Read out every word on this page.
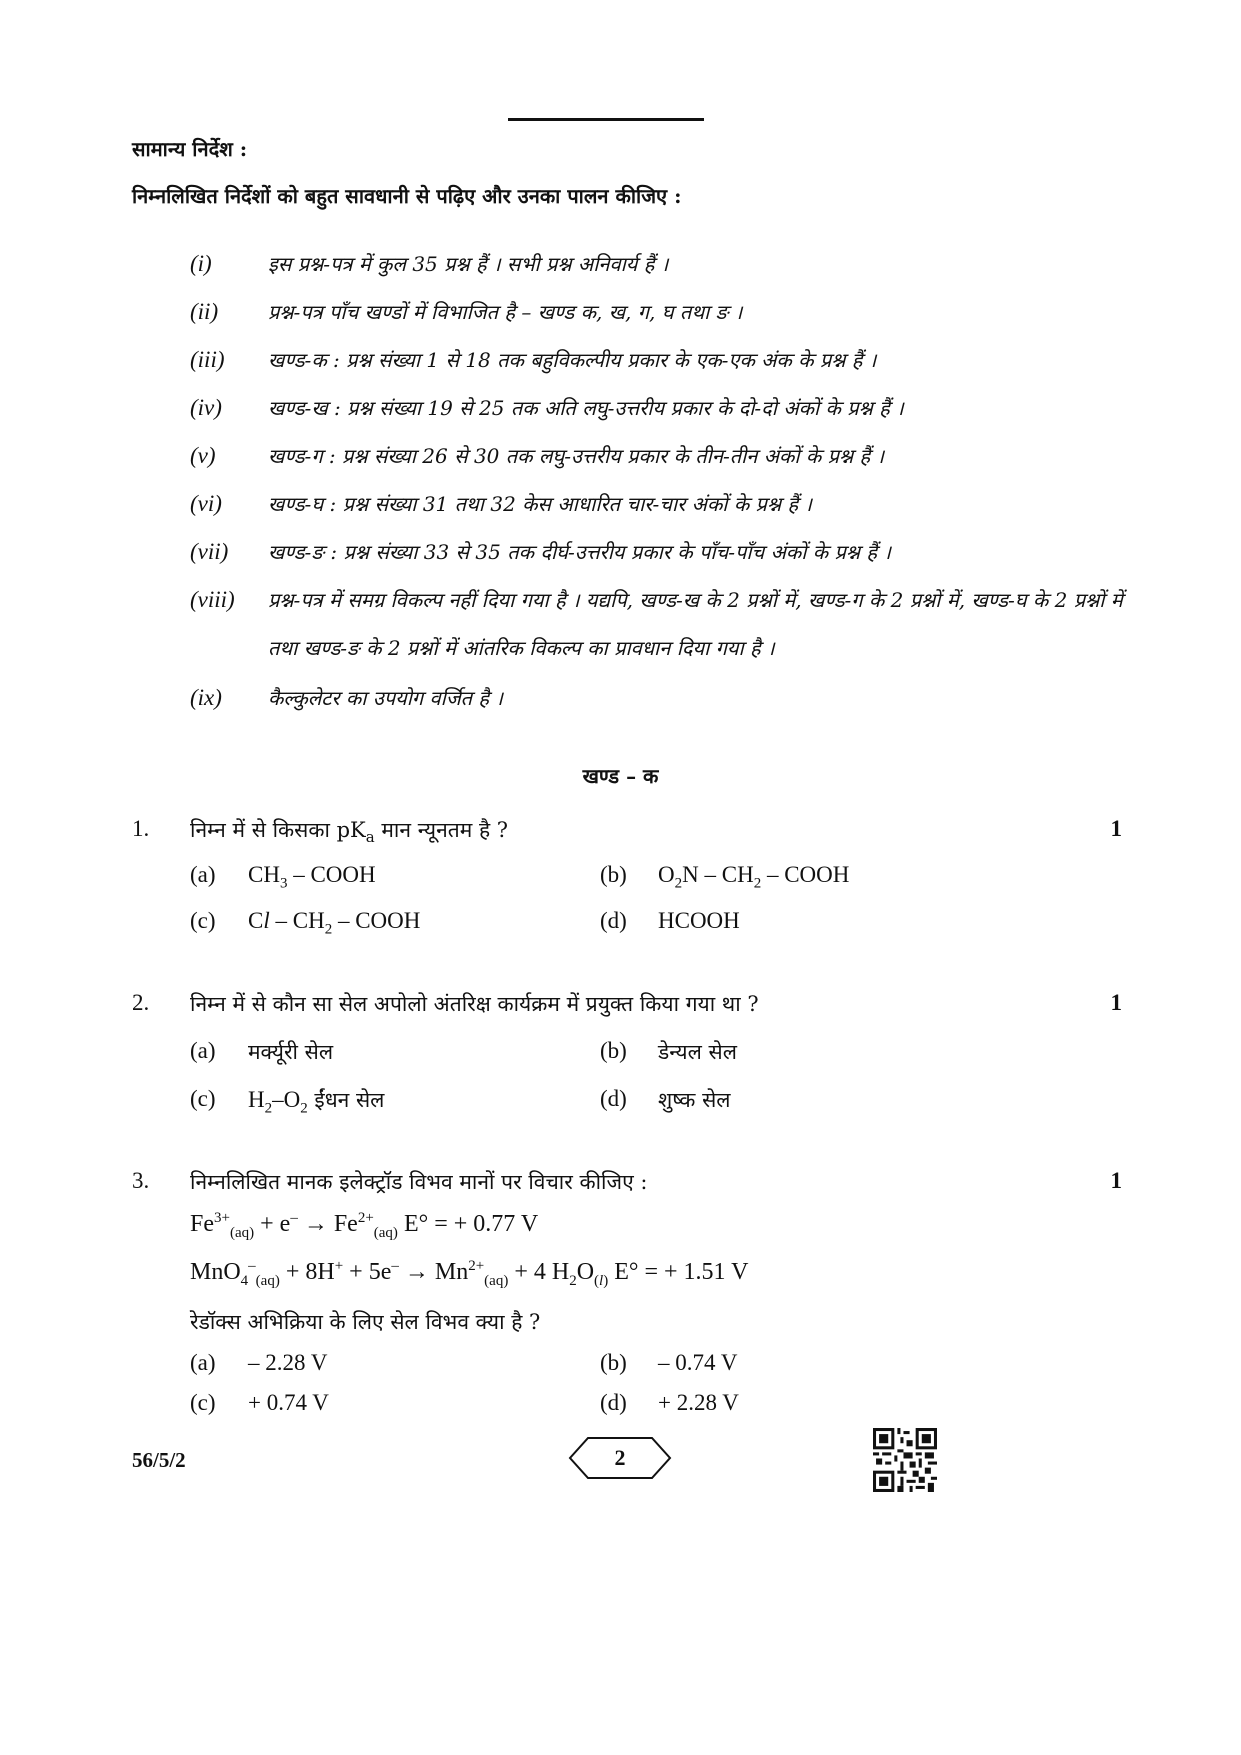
सामान्य निर्देश :
निम्नलिखित निर्देशों को बहुत सावधानी से पढ़िए और उनका पालन कीजिए :
(i)	इस प्रश्न-पत्र में कुल 35 प्रश्न हैं । सभी प्रश्न अनिवार्य हैं ।
(ii)	प्रश्न-पत्र पाँच खण्डों में विभाजित है – खण्ड क, ख, ग, घ तथा ङ ।
(iii)	खण्ड-क : प्रश्न संख्या 1 से 18 तक बहुविकल्पीय प्रकार के एक-एक अंक के प्रश्न हैं ।
(iv)	खण्ड-ख : प्रश्न संख्या 19 से 25 तक अति लघु-उत्तरीय प्रकार के दो-दो अंकों के प्रश्न हैं ।
(v)	खण्ड-ग : प्रश्न संख्या 26 से 30 तक लघु-उत्तरीय प्रकार के तीन-तीन अंकों के प्रश्न हैं ।
(vi)	खण्ड-घ : प्रश्न संख्या 31 तथा 32 केस आधारित चार-चार अंकों के प्रश्न हैं ।
(vii)	खण्ड-ङ : प्रश्न संख्या 33 से 35 तक दीर्घ-उत्तरीय प्रकार के पाँच-पाँच अंकों के प्रश्न हैं ।
(viii)	प्रश्न-पत्र में समग्र विकल्प नहीं दिया गया है । यद्यपि, खण्ड-ख के 2 प्रश्नों में, खण्ड-ग के 2 प्रश्नों में, खण्ड-घ के 2 प्रश्नों में तथा खण्ड-ङ के 2 प्रश्नों में आंतरिक विकल्प का प्रावधान दिया गया है ।
(ix)	कैल्कुलेटर का उपयोग वर्जित है ।
खण्ड – क
1. निम्न में से किसका $pK_a$ मान न्यूनतम है ?	1
(a) $CH_3$ – COOH	(b) $O_2N - CH_2$ – COOH
(c) Cl – $CH_2$ – COOH	(d) HCOOH
2. निम्न में से कौन सा सेल अपोलो अंतरिक्ष कार्यक्रम में प्रयुक्त किया गया था ?	1
(a) मर्क्यूरी सेल	(b) डेन्यल सेल
(c) $H_2-O_2$ ईंधन सेल	(d) शुष्क सेल
3. निम्नलिखित मानक इलेक्ट्रॉड विभव मानों पर विचार कीजिए :	1
$Fe^{3+}_{(aq)} + e^- \to Fe^{2+}_{(aq)}$ E° = + 0.77 V
$MnO_4^-_{(aq)} + 8H^+ + 5e^- \to Mn^{2+}_{(aq)} + 4$ $H_2O_{(l)}$ E° = + 1.51 V
रेडॉक्स अभिक्रिया के लिए सेल विभव क्या है ?
(a) – 2.28 V	(b) – 0.74 V
(c) + 0.74 V	(d) + 2.28 V
56/5/2	2
